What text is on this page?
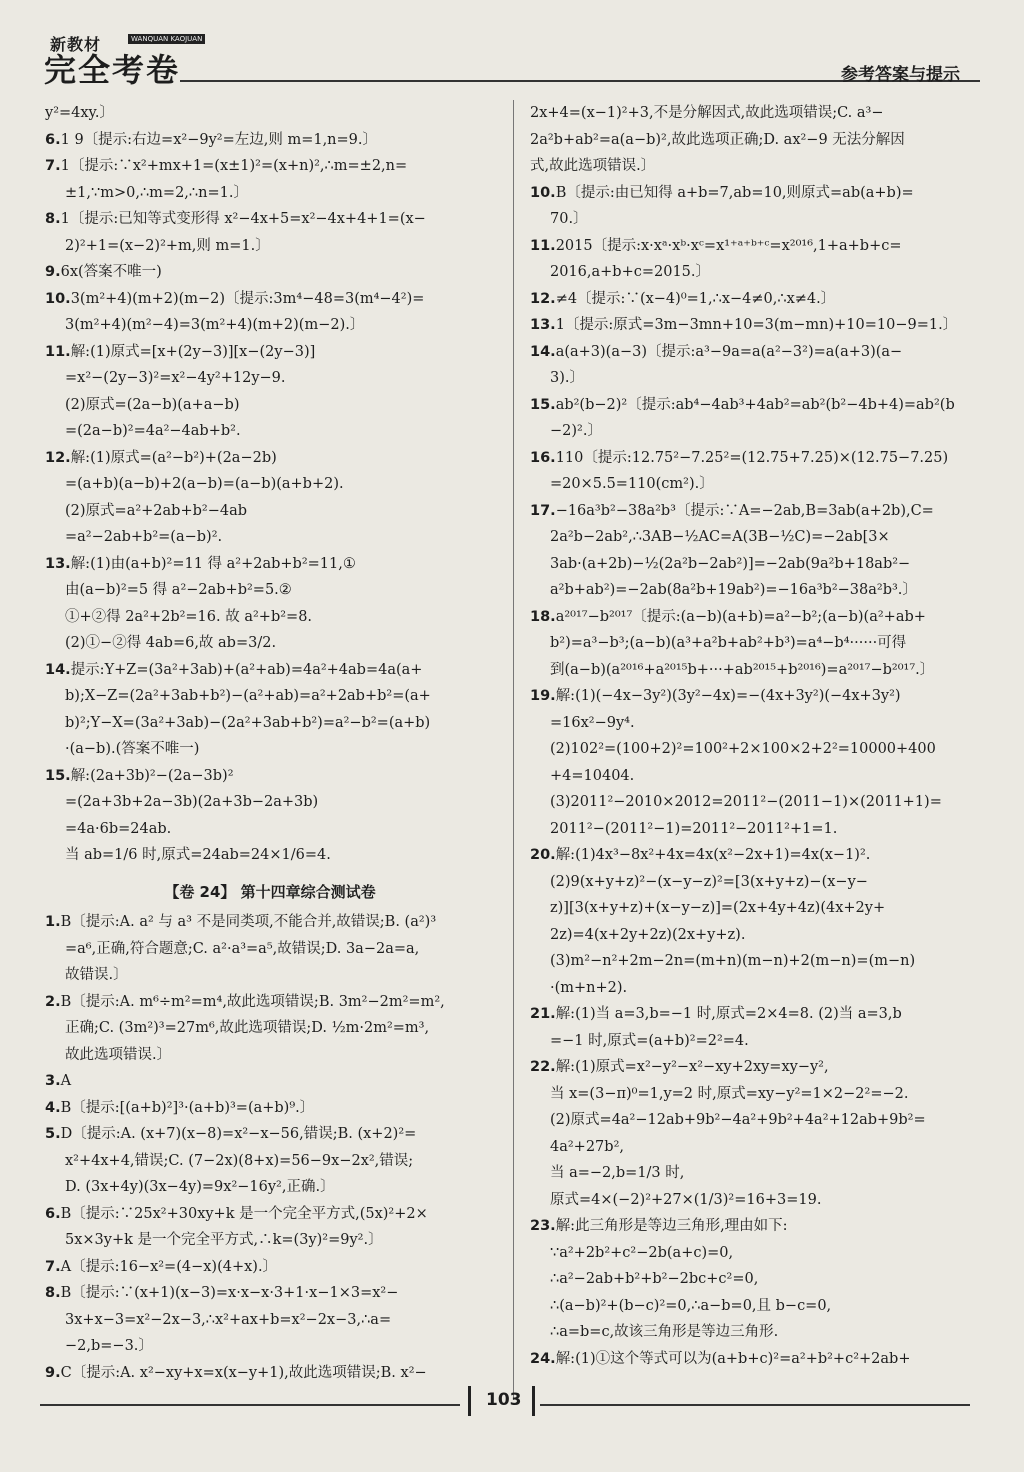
新教材	WANQUAN KAOJUAN
完全考卷	参考答案与提示
y²=4xy.〕
6.1 9〔提示:右边=x²−9y²=左边,则 m=1,n=9.〕
7.1〔提示:∵x²+mx+1=(x±1)²=(x+n)²,∴m=±2,n=
±1,∵m>0,∴m=2,∴n=1.〕
8.1〔提示:已知等式变形得 x²−4x+5=x²−4x+4+1=(x−
2)²+1=(x−2)²+m,则 m=1.〕
9.6x(答案不唯一)
10.3(m²+4)(m+2)(m−2)〔提示:3m⁴−48=3(m⁴−4²)=
3(m²+4)(m²−4)=3(m²+4)(m+2)(m−2).〕
11.解:(1)原式=[x+(2y−3)][x−(2y−3)]
=x²−(2y−3)²=x²−4y²+12y−9.
(2)原式=(2a−b)(a+a−b)
=(2a−b)²=4a²−4ab+b².
12.解:(1)原式=(a²−b²)+(2a−2b)
=(a+b)(a−b)+2(a−b)=(a−b)(a+b+2).
(2)原式=a²+2ab+b²−4ab
=a²−2ab+b²=(a−b)².
13.解:(1)由(a+b)²=11 得 a²+2ab+b²=11,①
由(a−b)²=5 得 a²−2ab+b²=5.②
①+②得 2a²+2b²=16. 故 a²+b²=8.
(2)①−②得 4ab=6,故 ab=3/2.
14.提示:Y+Z=(3a²+3ab)+(a²+ab)=4a²+4ab=4a(a+
b);X−Z=(2a²+3ab+b²)−(a²+ab)=a²+2ab+b²=(a+
b)²;Y−X=(3a²+3ab)−(2a²+3ab+b²)=a²−b²=(a+b)
·(a−b).(答案不唯一)
15.解:(2a+3b)²−(2a−3b)²
=(2a+3b+2a−3b)(2a+3b−2a+3b)
=4a·6b=24ab.
当 ab=1/6 时,原式=24ab=24×1/6=4.
【卷 24】 第十四章综合测试卷
1.B〔提示:A. a² 与 a³ 不是同类项,不能合并,故错误;B. (a²)³
=a⁶,正确,符合题意;C. a²·a³=a⁵,故错误;D. 3a−2a=a,
故错误.〕
2.B〔提示:A. m⁶÷m²=m⁴,故此选项错误;B. 3m²−2m²=m²,
正确;C. (3m²)³=27m⁶,故此选项错误;D. ½m·2m²=m³,
故此选项错误.〕
3.A
4.B〔提示:[(a+b)²]³·(a+b)³=(a+b)⁹.〕
5.D〔提示:A. (x+7)(x−8)=x²−x−56,错误;B. (x+2)²=
x²+4x+4,错误;C. (7−2x)(8+x)=56−9x−2x²,错误;
D. (3x+4y)(3x−4y)=9x²−16y²,正确.〕
6.B〔提示:∵25x²+30xy+k 是一个完全平方式,(5x)²+2×
5x×3y+k 是一个完全平方式,∴k=(3y)²=9y².〕
7.A〔提示:16−x²=(4−x)(4+x).〕
8.B〔提示:∵(x+1)(x−3)=x·x−x·3+1·x−1×3=x²−
3x+x−3=x²−2x−3,∴x²+ax+b=x²−2x−3,∴a=
−2,b=−3.〕
9.C〔提示:A. x²−xy+x=x(x−y+1),故此选项错误;B. x²−
2x+4=(x−1)²+3,不是分解因式,故此选项错误;C. a³−
2a²b+ab²=a(a−b)²,故此选项正确;D. ax²−9 无法分解因
式,故此选项错误.〕
10.B〔提示:由已知得 a+b=7,ab=10,则原式=ab(a+b)=
70.〕
11.2015〔提示:x·xᵃ·xᵇ·xᶜ=x¹⁺ᵃ⁺ᵇ⁺ᶜ=x²⁰¹⁶,1+a+b+c=
2016,a+b+c=2015.〕
12.≠4〔提示:∵(x−4)⁰=1,∴x−4≠0,∴x≠4.〕
13.1〔提示:原式=3m−3mn+10=3(m−mn)+10=10−9=1.〕
14.a(a+3)(a−3)〔提示:a³−9a=a(a²−3²)=a(a+3)(a−
3).〕
15.ab²(b−2)²〔提示:ab⁴−4ab³+4ab²=ab²(b²−4b+4)=ab²(b
−2)².〕
16.110〔提示:12.75²−7.25²=(12.75+7.25)×(12.75−7.25)
=20×5.5=110(cm²).〕
17.−16a³b²−38a²b³〔提示:∵A=−2ab,B=3ab(a+2b),C=
2a²b−2ab²,∴3AB−½AC=A(3B−½C)=−2ab[3×
3ab·(a+2b)−½(2a²b−2ab²)]=−2ab(9a²b+18ab²−
a²b+ab²)=−2ab(8a²b+19ab²)=−16a³b²−38a²b³.〕
18.a²⁰¹⁷−b²⁰¹⁷〔提示:(a−b)(a+b)=a²−b²;(a−b)(a²+ab+
b²)=a³−b³;(a−b)(a³+a²b+ab²+b³)=a⁴−b⁴······可得
到(a−b)(a²⁰¹⁶+a²⁰¹⁵b+···+ab²⁰¹⁵+b²⁰¹⁶)=a²⁰¹⁷−b²⁰¹⁷.〕
19.解:(1)(−4x−3y²)(3y²−4x)=−(4x+3y²)(−4x+3y²)
=16x²−9y⁴.
(2)102²=(100+2)²=100²+2×100×2+2²=10000+400
+4=10404.
(3)2011²−2010×2012=2011²−(2011−1)×(2011+1)=
2011²−(2011²−1)=2011²−2011²+1=1.
20.解:(1)4x³−8x²+4x=4x(x²−2x+1)=4x(x−1)².
(2)9(x+y+z)²−(x−y−z)²=[3(x+y+z)−(x−y−
z)][3(x+y+z)+(x−y−z)]=(2x+4y+4z)(4x+2y+
2z)=4(x+2y+2z)(2x+y+z).
(3)m²−n²+2m−2n=(m+n)(m−n)+2(m−n)=(m−n)
·(m+n+2).
21.解:(1)当 a=3,b=−1 时,原式=2×4=8. (2)当 a=3,b
=−1 时,原式=(a+b)²=2²=4.
22.解:(1)原式=x²−y²−x²−xy+2xy=xy−y²,
当 x=(3−π)⁰=1,y=2 时,原式=xy−y²=1×2−2²=−2.
(2)原式=4a²−12ab+9b²−4a²+9b²+4a²+12ab+9b²=
4a²+27b²,
当 a=−2,b=1/3 时,
原式=4×(−2)²+27×(1/3)²=16+3=19.
23.解:此三角形是等边三角形,理由如下:
∵a²+2b²+c²−2b(a+c)=0,
∴a²−2ab+b²+b²−2bc+c²=0,
∴(a−b)²+(b−c)²=0,∴a−b=0,且 b−c=0,
∴a=b=c,故该三角形是等边三角形.
24.解:(1)①这个等式可以为(a+b+c)²=a²+b²+c²+2ab+
103
